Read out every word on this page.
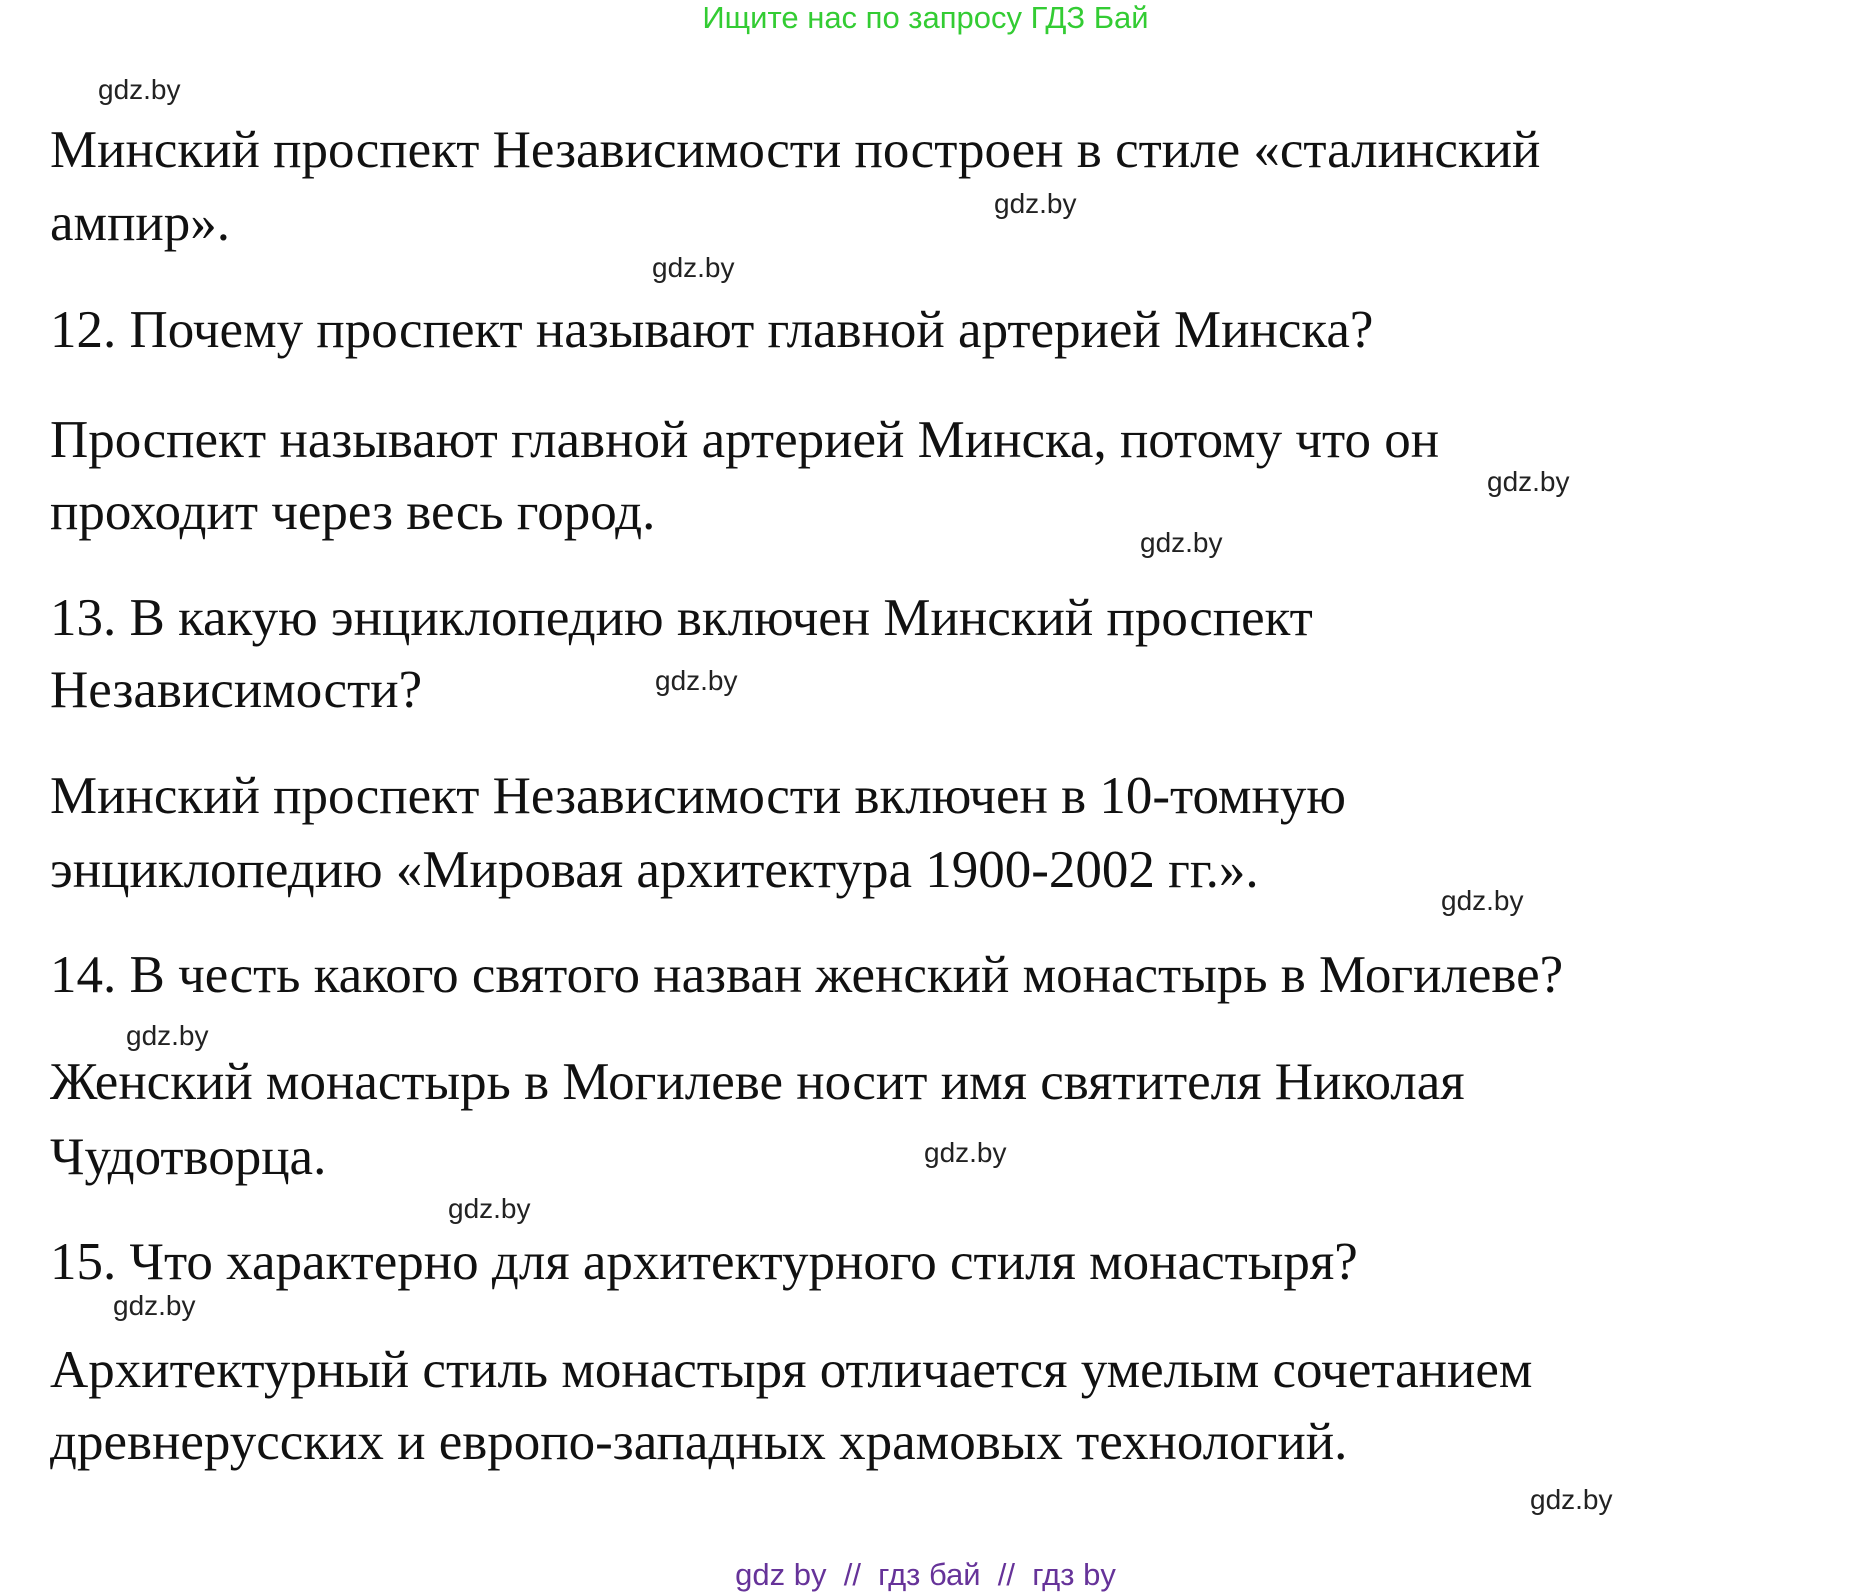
Ищите нас по запросу ГДЗ Бай
gdz.by
Минский проспект Независимости построен в стиле «сталинский
ампир».	gdz.by
gdz.by
12. Почему проспект называют главной артерией Минска?
Проспект называют главной артерией Минска, потому что он
gdz.by
проходит через весь город.
gdz.by
13. В какую энциклопедию включен Минский проспект
Независимости?	gdz.by
Минский проспект Независимости включен в 10-томную
энциклопедию «Мировая архитектура 1900-2002 гг.».
gdz.by
14. В честь какого святого назван женский монастырь в Могилеве?
gdz.by
Женский монастырь в Могилеве носит имя святителя Николая
Чудотворца.	gdz.by
gdz.by
15. Что характерно для архитектурного стиля монастыря?
gdz.by
Архитектурный стиль монастыря отличается умелым сочетанием
древнерусских и европо-западных храмовых технологий.
gdz.by
gdz by  //  гдз бай  //  гдз by
